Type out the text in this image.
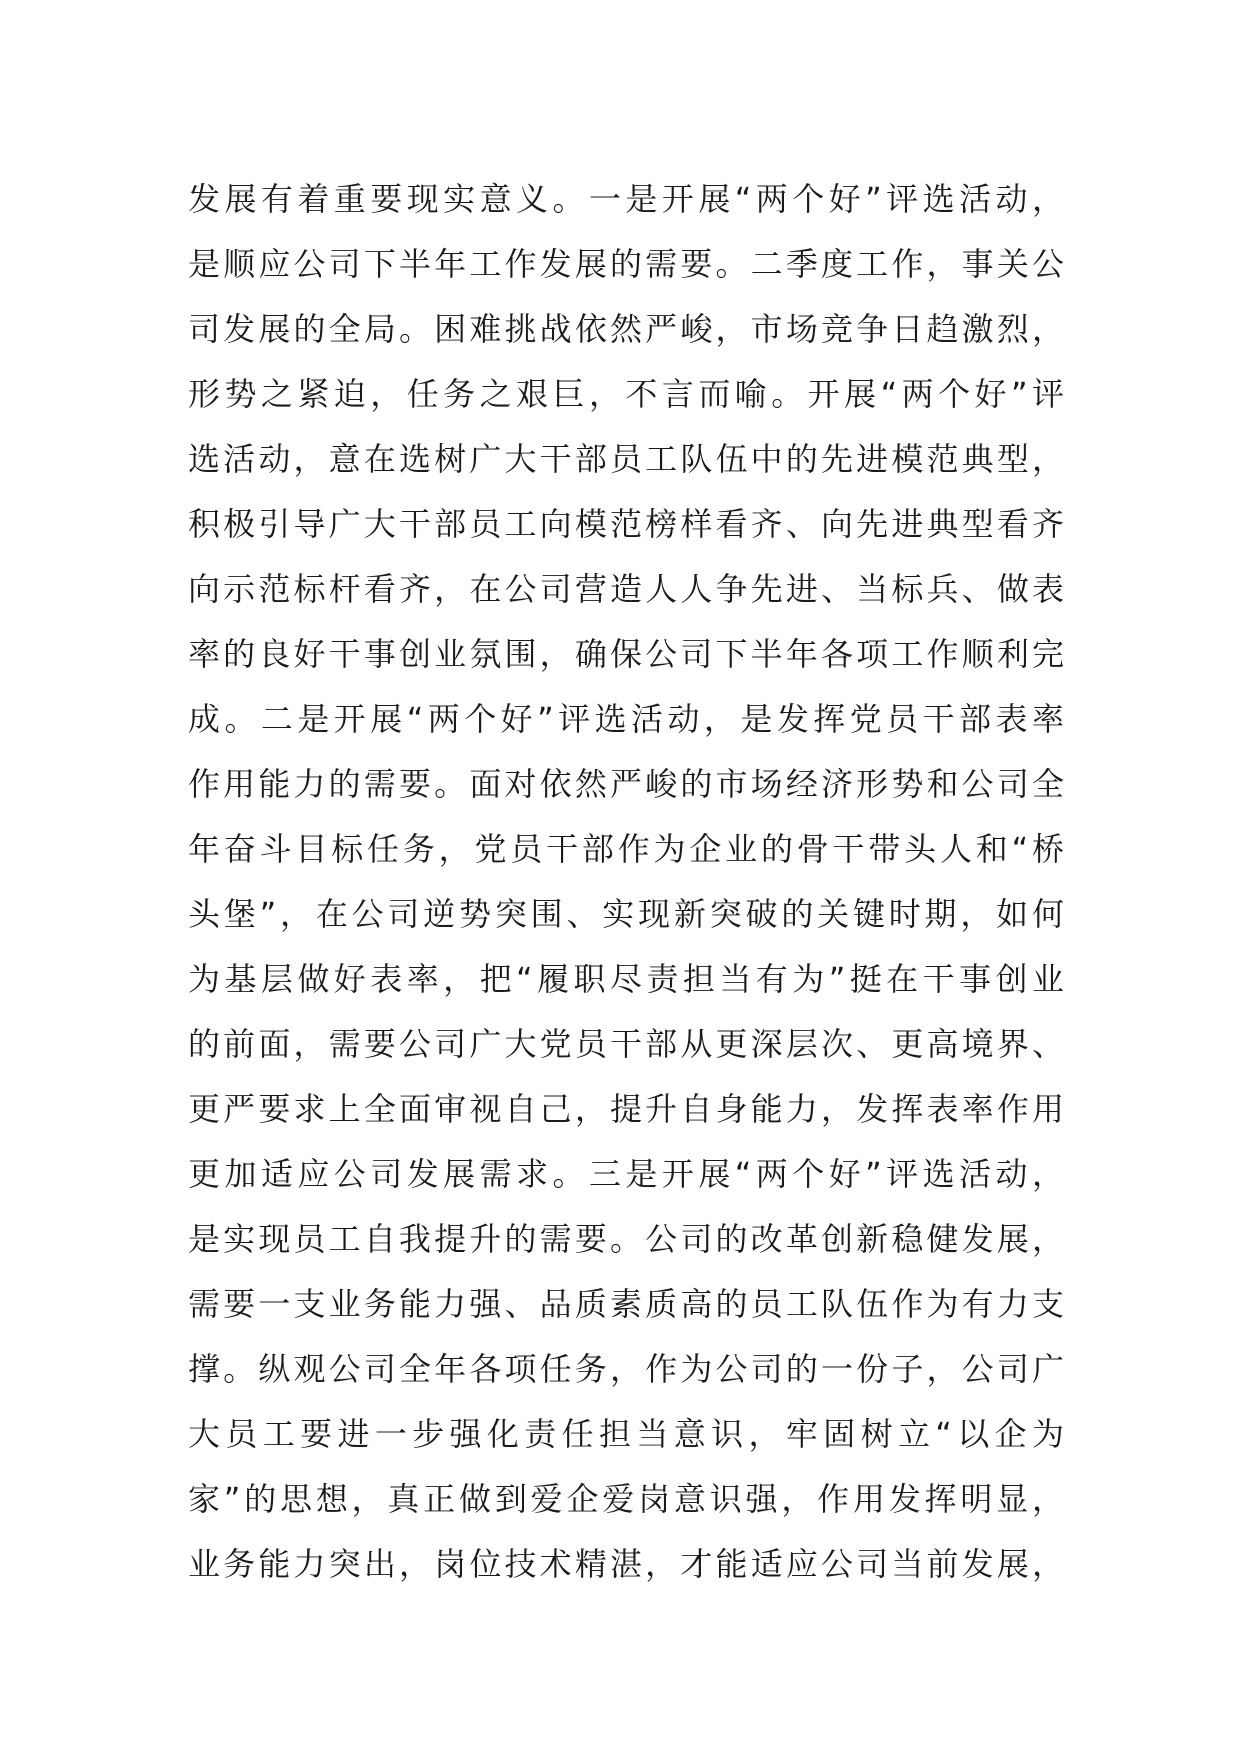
发展有着重要现实意义。一是开展“两个好”评选活动，
是顺应公司下半年工作发展的需要。二季度工作，事关公
司发展的全局。困难挑战依然严峻，市场竞争日趋激烈，
形势之紧迫，任务之艰巨，不言而喻。开展“两个好”评
选活动，意在选树广大干部员工队伍中的先进模范典型，
积极引导广大干部员工向模范榜样看齐、向先进典型看齐
向示范标杆看齐，在公司营造人人争先进、当标兵、做表
率的良好干事创业氛围，确保公司下半年各项工作顺利完
成。二是开展“两个好”评选活动，是发挥党员干部表率
作用能力的需要。面对依然严峻的市场经济形势和公司全
年奋斗目标任务，党员干部作为企业的骨干带头人和“桥
头堡”，在公司逆势突围、实现新突破的关键时期，如何
为基层做好表率，把“履职尽责担当有为”挺在干事创业
的前面，需要公司广大党员干部从更深层次、更高境界、
更严要求上全面审视自己，提升自身能力，发挥表率作用
更加适应公司发展需求。三是开展“两个好”评选活动，
是实现员工自我提升的需要。公司的改革创新稳健发展，
需要一支业务能力强、品质素质高的员工队伍作为有力支
撑。纵观公司全年各项任务，作为公司的一份子，公司广
大员工要进一步强化责任担当意识，牢固树立“以企为
家”的思想，真正做到爱企爱岗意识强，作用发挥明显，
业务能力突出，岗位技术精湛，才能适应公司当前发展，
